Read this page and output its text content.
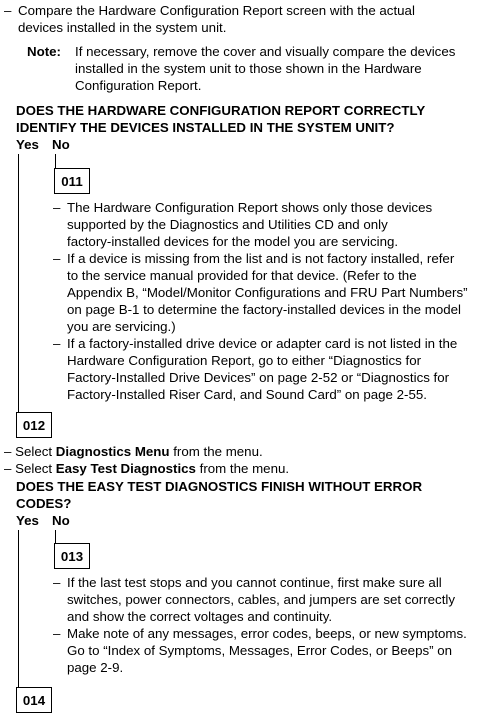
– Compare the Hardware Configuration Report screen with the actual
devices installed in the system unit.
Note: If necessary, remove the cover and visually compare the devices
installed in the system unit to those shown in the Hardware
Configuration Report.
DOES THE HARDWARE CONFIGURATION REPORT CORRECTLY
IDENTIFY THE DEVICES INSTALLED IN THE SYSTEM UNIT?
Yes No
011
– The Hardware Configuration Report shows only those devices
supported by the Diagnostics and Utilities CD and only
factory-installed devices for the model you are servicing.
– If a device is missing from the list and is not factory installed, refer
to the service manual provided for that device. (Refer to the
Appendix B, “Model/Monitor Configurations and FRU Part Numbers”
on page B-1 to determine the factory-installed devices in the model
you are servicing.)
– If a factory-installed drive device or adapter card is not listed in the
Hardware Configuration Report, go to either “Diagnostics for
Factory-Installed Drive Devices” on page 2-52 or “Diagnostics for
Factory-Installed Riser Card, and Sound Card” on page 2-55.
012
– Select Diagnostics Menu from the menu.
– Select Easy Test Diagnostics from the menu.
DOES THE EASY TEST DIAGNOSTICS FINISH WITHOUT ERROR
CODES?
Yes No
013
– If the last test stops and you cannot continue, first make sure all
switches, power connectors, cables, and jumpers are set correctly
and show the correct voltages and continuity.
– Make note of any messages, error codes, beeps, or new symptoms.
Go to “Index of Symptoms, Messages, Error Codes, or Beeps” on
page 2-9.
014
